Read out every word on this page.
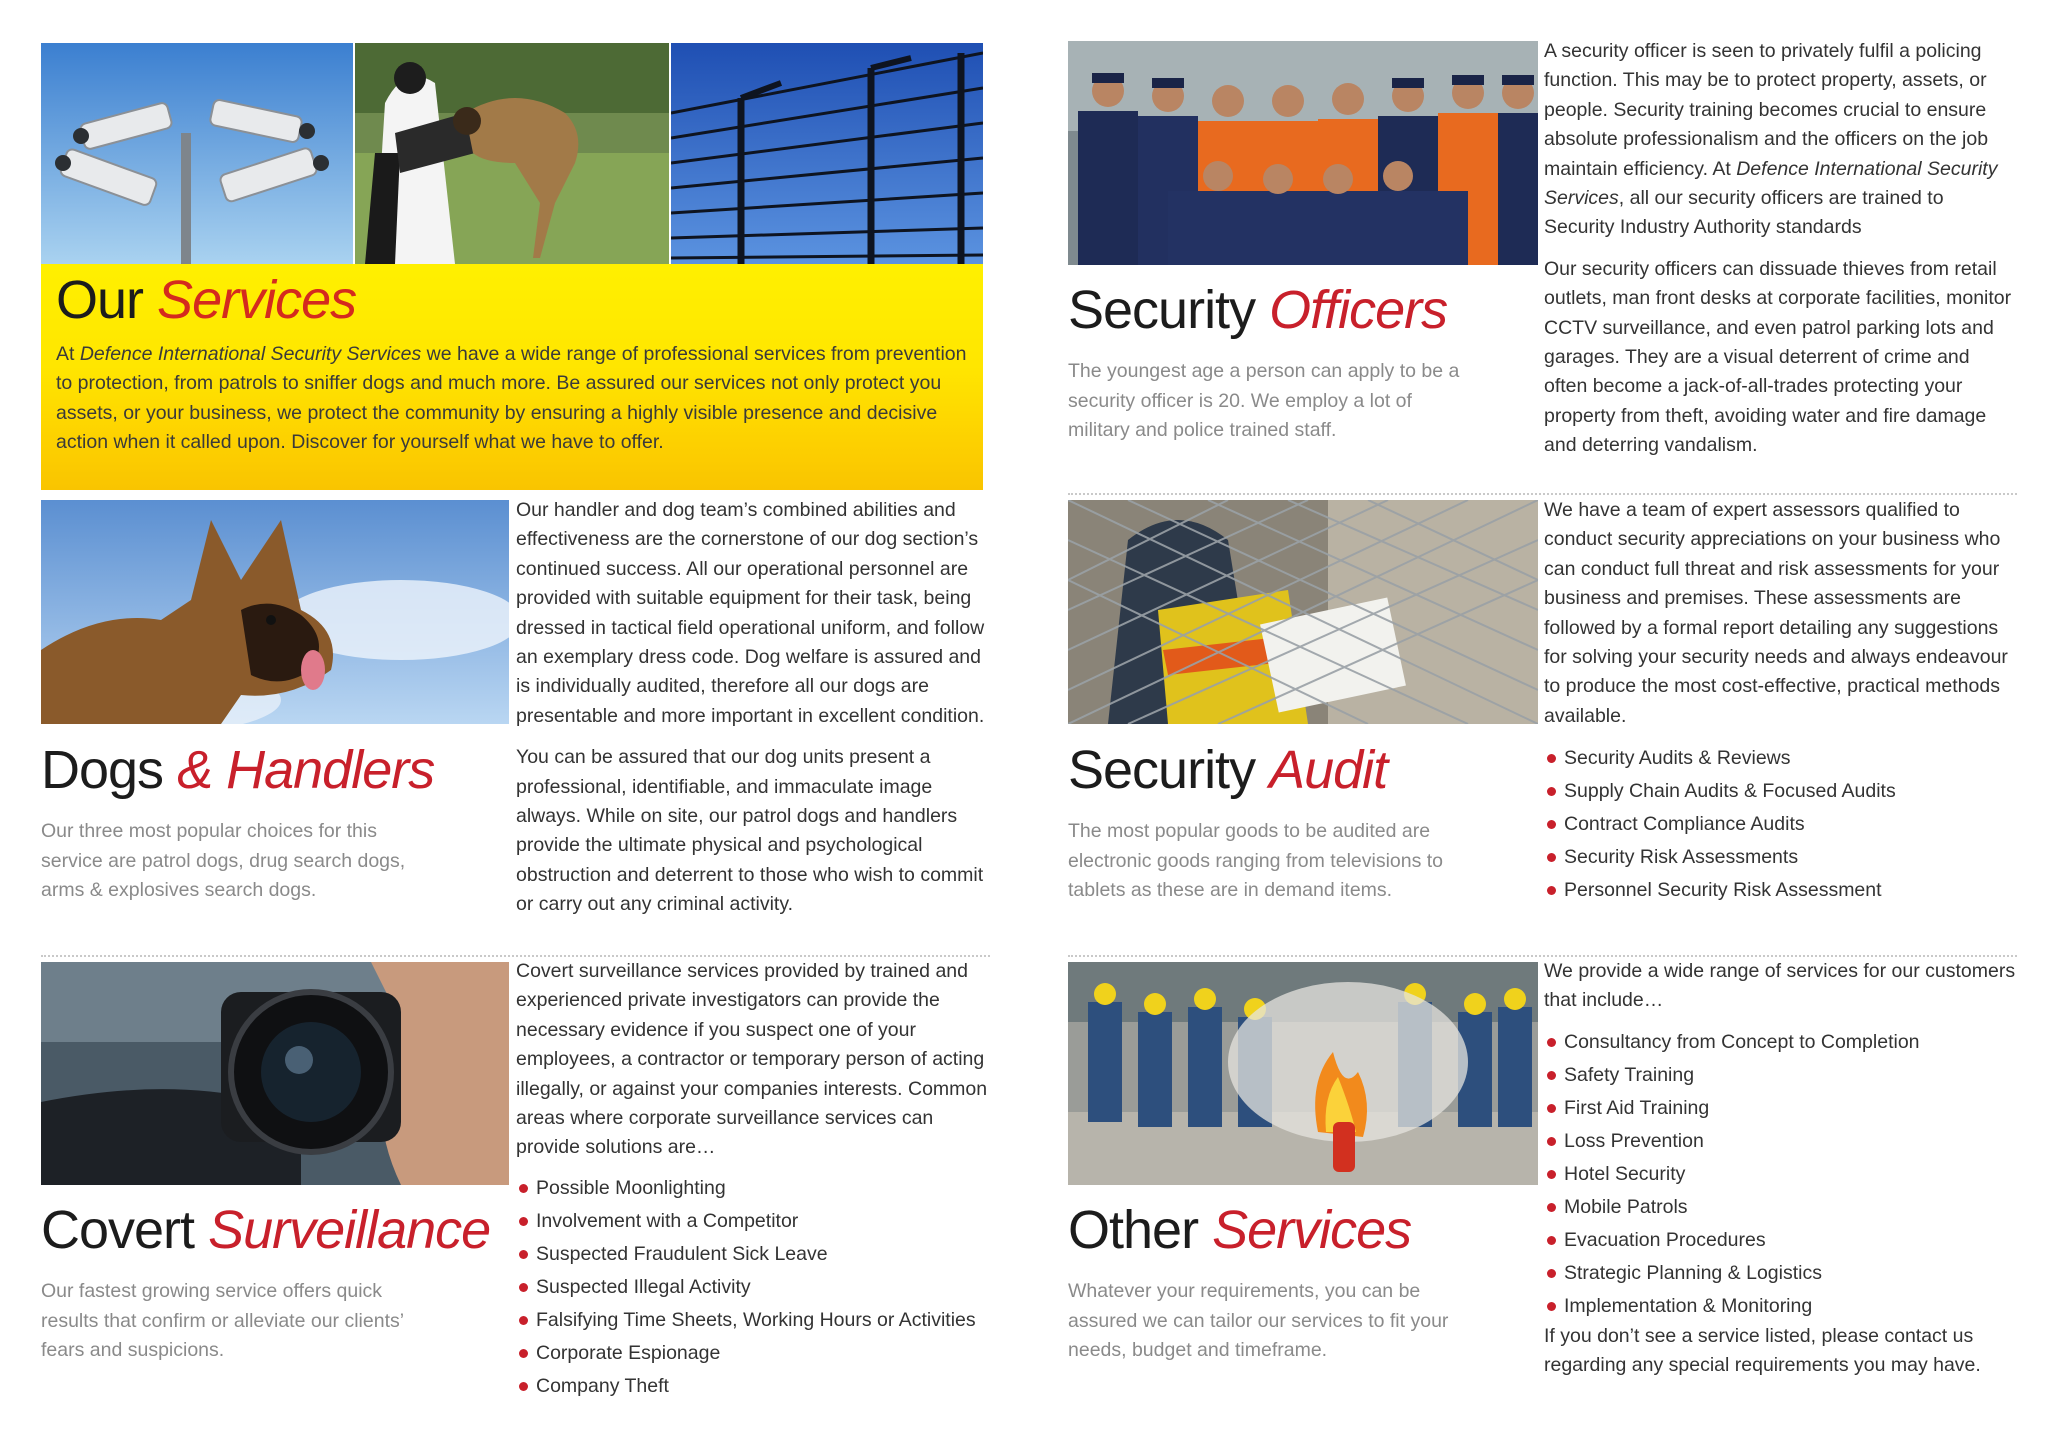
Our Services
At Defence International Security Services we have a wide range of professional services from prevention to protection, from patrols to sniffer dogs and much more. Be assured our services not only protect you assets, or your business, we protect the community by ensuring a highly visible presence and decisive action when it called upon. Discover for yourself what we have to offer.
Dogs & Handlers
Our three most popular choices for this service are patrol dogs, drug search dogs, arms & explosives search dogs.

Our handler and dog team’s combined abilities and effectiveness are the cornerstone of our dog section’s continued success. All our operational personnel are provided with suitable equipment for their task, being dressed in tactical field operational uniform, and follow an exemplary dress code. Dog welfare is assured and is individually audited, therefore all our dogs are presentable and more important in excellent condition.

You can be assured that our dog units present a professional, identifiable, and immaculate image always. While on site, our patrol dogs and handlers provide the ultimate physical and psychological obstruction and deterrent to those who wish to commit or carry out any criminal activity.

Covert Surveillance
Our fastest growing service offers quick results that confirm or alleviate our clients’ fears and suspicions.

Covert surveillance services provided by trained and experienced private investigators can provide the necessary evidence if you suspect one of your employees, a contractor or temporary person of acting illegally, or against your companies interests. Common areas where corporate surveillance services can provide solutions are…

Possible Moonlighting
Involvement with a Competitor
Suspected Fraudulent Sick Leave
Suspected Illegal Activity
Falsifying Time Sheets, Working Hours or Activities
Corporate Espionage
Company Theft

A security officer is seen to privately fulfil a policing function. This may be to protect property, assets, or people. Security training becomes crucial to ensure absolute professionalism and the officers on the job maintain efficiency. At Defence International Security Services, all our security officers are trained to Security Industry Authority standards

Our security officers can dissuade thieves from retail outlets, man front desks at corporate facilities, monitor CCTV surveillance, and even patrol parking lots and garages. They are a visual deterrent of crime and often become a jack-of-all-trades protecting your property from theft, avoiding water and fire damage and deterring vandalism.

Security Officers
The youngest age a person can apply to be a security officer is 20. We employ a lot of military and police trained staff.

We have a team of expert assessors qualified to conduct security appreciations on your business who can conduct full threat and risk assessments for your business and premises. These assessments are followed by a formal report detailing any suggestions for solving your security needs and always endeavour to produce the most cost-effective, practical methods available.

Security Audits & Reviews
Supply Chain Audits & Focused Audits
Contract Compliance Audits
Security Risk Assessments
Personnel Security Risk Assessment
Security Audit
The most popular goods to be audited are electronic goods ranging from televisions to tablets as these are in demand items.

We provide a wide range of services for our customers that include…

Consultancy from Concept to Completion
Safety Training
First Aid Training
Loss Prevention
Hotel Security
Mobile Patrols
Evacuation Procedures
Strategic Planning & Logistics
Implementation & Monitoring
If you don’t see a service listed, please contact us regarding any special requirements you may have.
Other Services
Whatever your requirements, you can be assured we can tailor our services to fit your needs, budget and timeframe.
